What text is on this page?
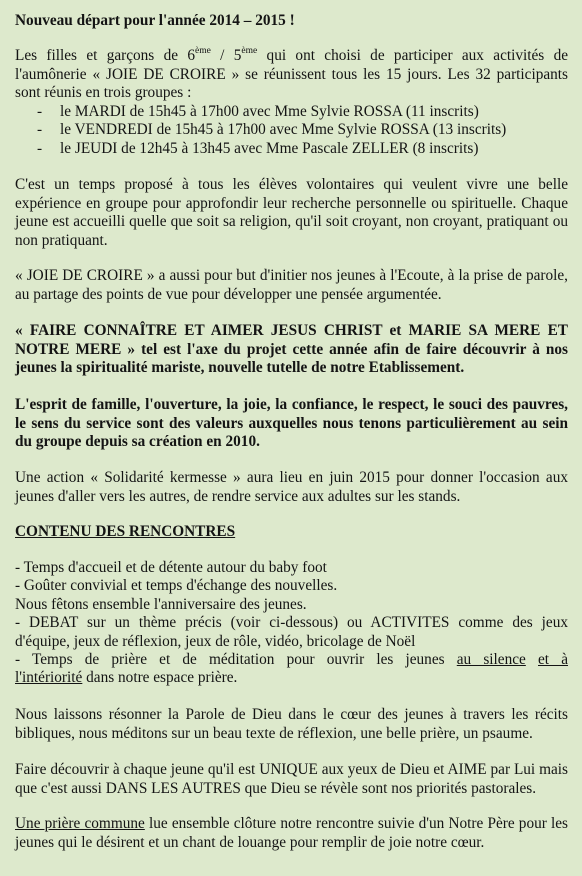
Nouveau départ pour l'année 2014 – 2015 !

Les filles et garçons de 6ème / 5ème qui ont choisi de participer aux activités de
l'aumônerie « JOIE DE CROIRE » se réunissent tous les 15 jours. Les 32 participants
sont réunis en trois groupes :
- le MARDI de 15h45 à 17h00 avec Mme Sylvie ROSSA (11 inscrits)
- le VENDREDI de 15h45 à 17h00 avec Mme Sylvie ROSSA (13 inscrits)
- le JEUDI de 12h45 à 13h45 avec Mme Pascale ZELLER (8 inscrits)

C'est un temps proposé à tous les élèves volontaires qui veulent vivre une belle expérience en groupe pour approfondir leur recherche personnelle ou spirituelle. Chaque jeune est accueilli quelle que soit sa religion, qu'il soit croyant, non croyant, pratiquant ou non pratiquant.

« JOIE DE CROIRE » a aussi pour but d'initier nos jeunes à l'Ecoute, à la prise de parole, au partage des points de vue pour développer une pensée argumentée.

« FAIRE CONNAÎTRE ET AIMER JESUS CHRIST et MARIE SA MERE ET NOTRE MERE » tel est l'axe du projet cette année afin de faire découvrir à nos jeunes la spiritualité mariste, nouvelle tutelle de notre Etablissement.

L'esprit de famille, l'ouverture, la joie, la confiance, le respect, le souci des pauvres, le sens du service sont des valeurs auxquelles nous tenons particulièrement au sein du groupe depuis sa création en 2010.

Une action « Solidarité kermesse » aura lieu en juin 2015 pour donner l'occasion aux jeunes d'aller vers les autres, de rendre service aux adultes sur les stands.

CONTENU DES RENCONTRES

- Temps d'accueil et de détente autour du baby foot
- Goûter convivial et temps d'échange des nouvelles.
Nous fêtons ensemble l'anniversaire des jeunes.
- DEBAT sur un thème précis (voir ci-dessous) ou ACTIVITES comme des jeux
d'équipe, jeux de réflexion, jeux de rôle, vidéo, bricolage de Noël
- Temps de prière et de méditation pour ouvrir les jeunes au silence et à
l'intériorité dans notre espace prière.

Nous laissons résonner la Parole de Dieu dans le cœur des jeunes à travers les récits bibliques, nous méditons sur un beau texte de réflexion, une belle prière, un psaume.

Faire découvrir à chaque jeune qu'il est UNIQUE aux yeux de Dieu et AIME par Lui mais que c'est aussi DANS LES AUTRES que Dieu se révèle sont nos priorités pastorales.

Une prière commune lue ensemble clôture notre rencontre suivie d'un Notre Père pour les jeunes qui le désirent et un chant de louange pour remplir de joie notre cœur.
